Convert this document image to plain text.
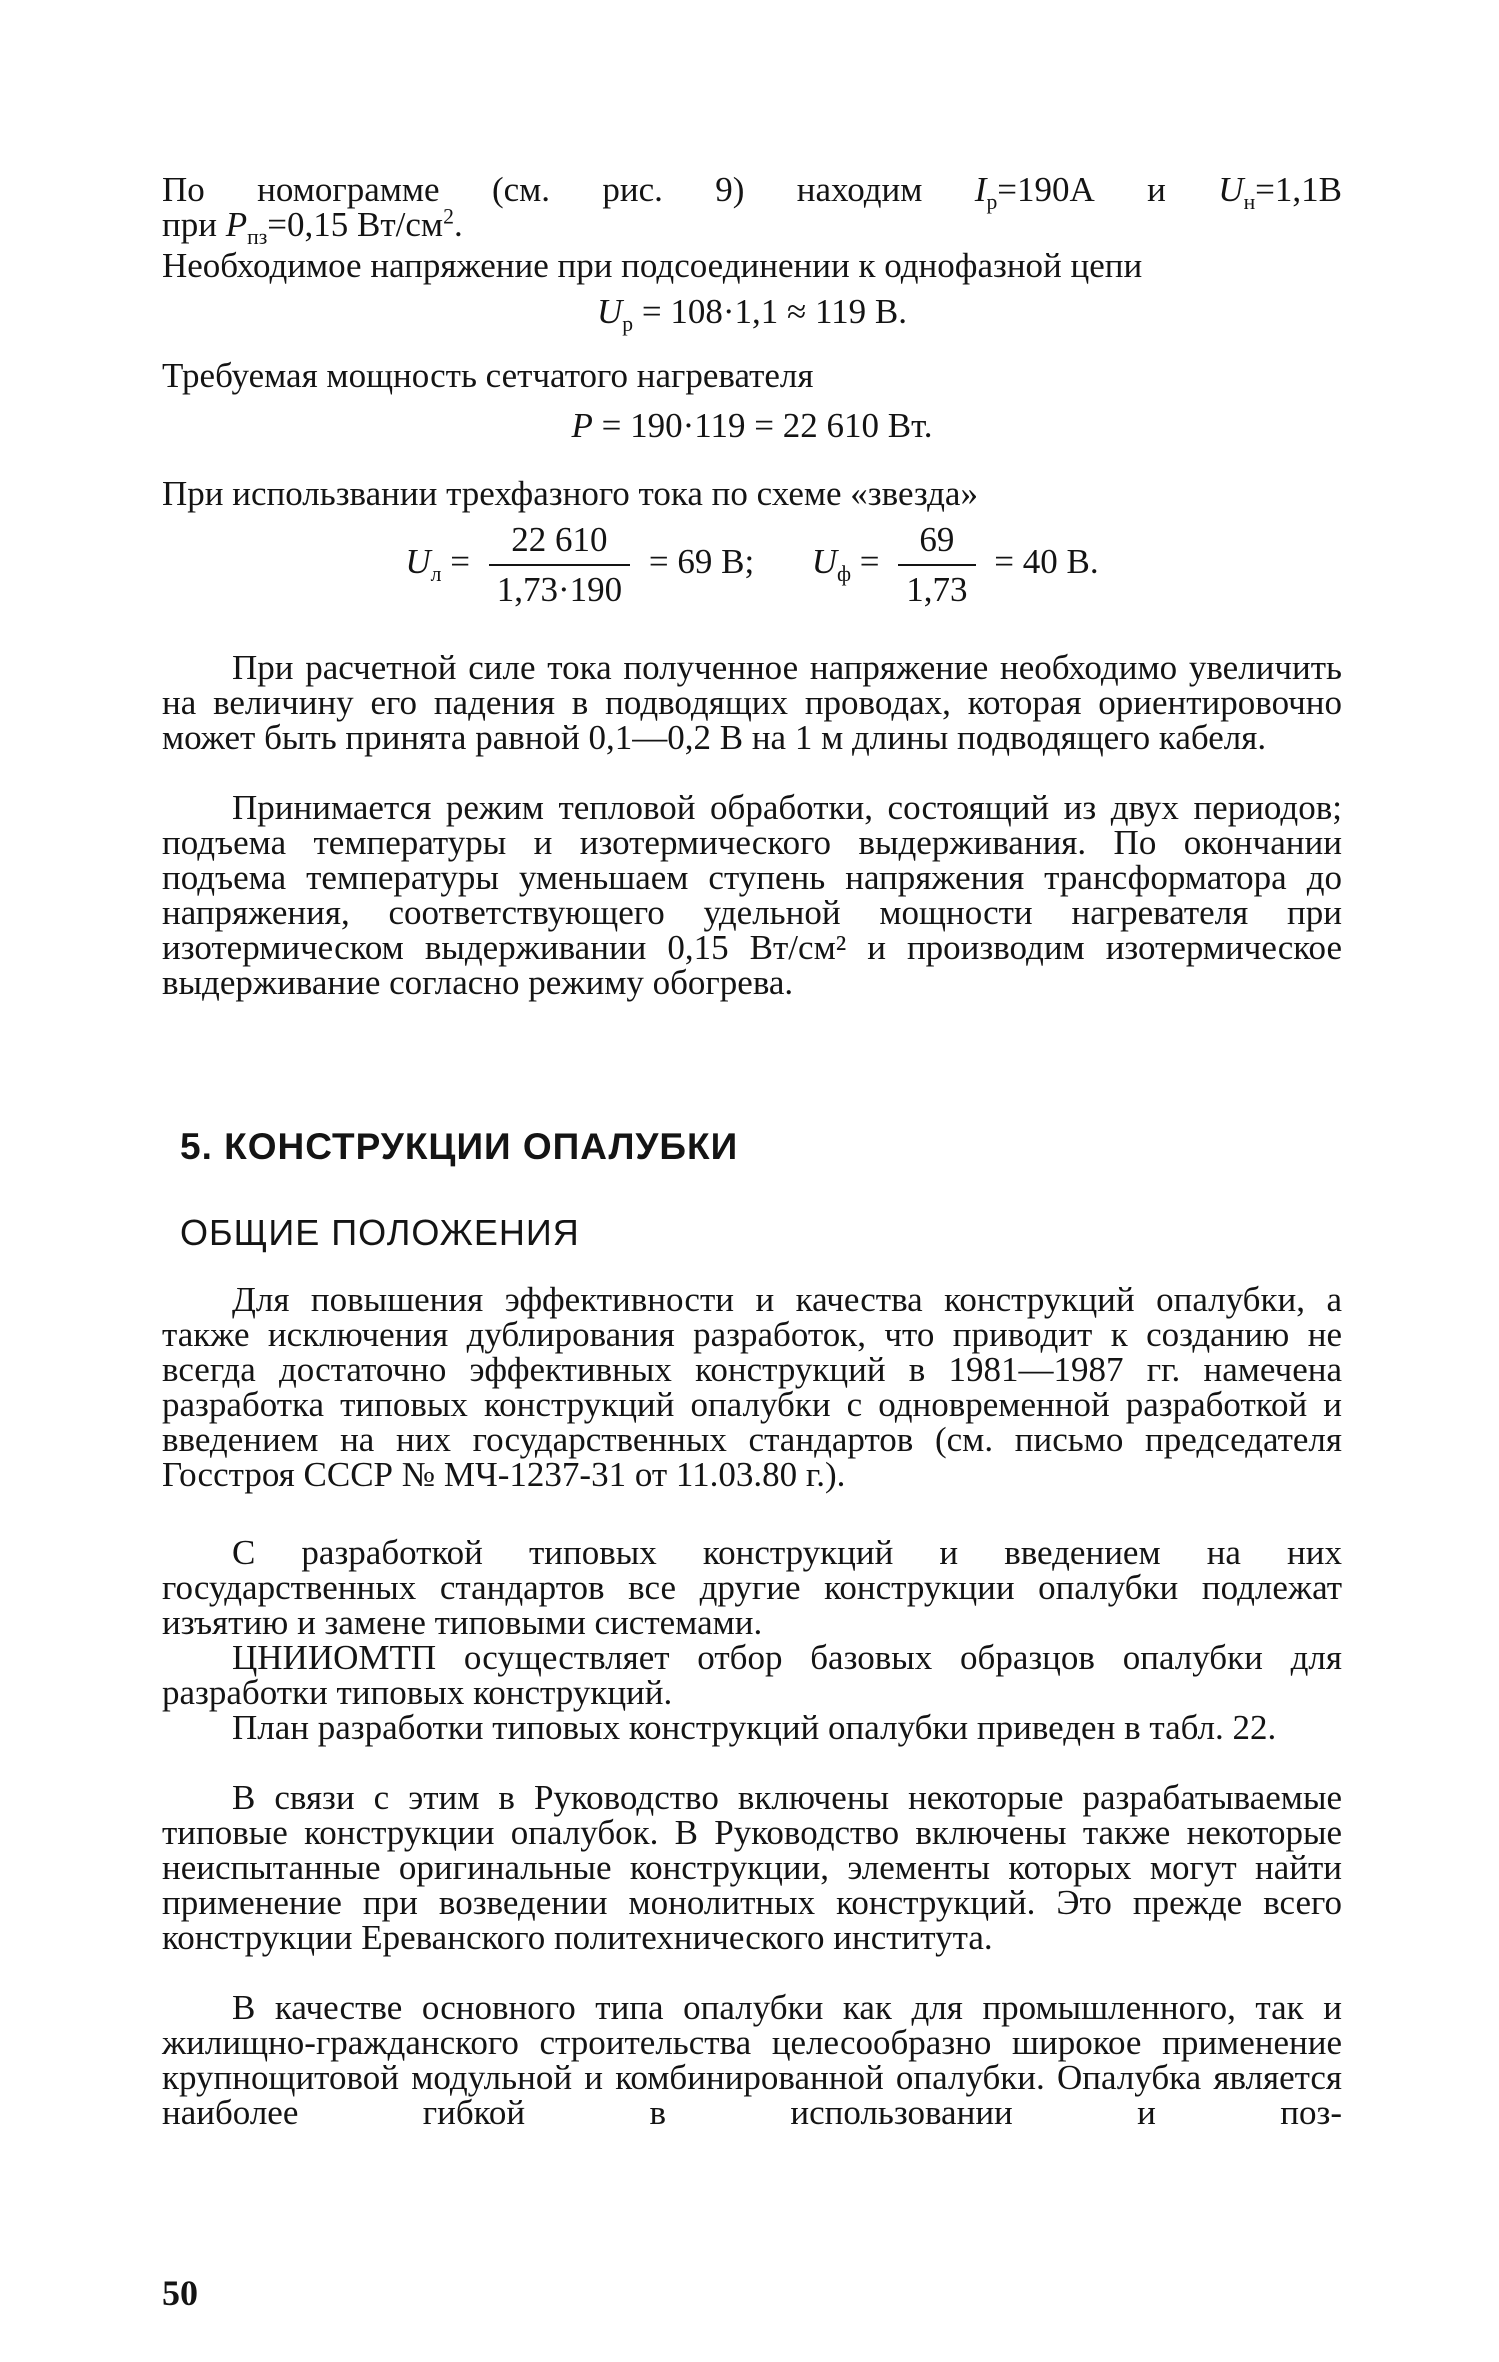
По номограмме (см. рис. 9) находим $I_р=190А$ и $U_н=1,1В$
при $P_{пз}=0,15$ $Вт/см^2$.
Необходимое напряжение при подсоединении к однофазной цепи
$U_р = 108\cdot 1,1 \approx 119$ В.
Требуемая мощность сетчатого нагревателя
P = 190·119 = 22 610 Вт.
При использвании трехфазного тока по схеме «звезда»
$U_л = \frac{22 610}{1,73\cdot 190} = 69$ В; $U_ф = \frac{69}{1,73} = 40$ В.
При расчетной силе тока полученное напряжение необходимо увеличить на величину его падения в подводящих проводах, которая ориентировочно может быть принята равной 0,1—0,2 В на 1 м длины подводящего кабеля.
Принимается режим тепловой обработки, состоящий из двух периодов; подъема температуры и изотермического выдерживания. По окончании подъема температуры уменьшаем ступень напряжения трансформатора до напряжения, соответствующего удельной мощности нагревателя при изотермическом выдерживании 0,15 Вт/см² и производим изотермическое выдерживание согласно режиму обогрева.
5. КОНСТРУКЦИИ ОПАЛУБКИ
ОБЩИЕ ПОЛОЖЕНИЯ
Для повышения эффективности и качества конструкций опалубки, а также исключения дублирования разработок, что приводит к созданию не всегда достаточно эффективных конструкций в 1981—1987 гг. намечена разработка типовых конструкций опалубки с одновременной разработкой и введением на них государственных стандартов (см. письмо председателя Госстроя СССР № МЧ-1237-31 от 11.03.80 г.).
С разработкой типовых конструкций и введением на них государственных стандартов все другие конструкции опалубки подлежат изъятию и замене типовыми системами.
ЦНИИОМТП осуществляет отбор базовых образцов опалубки для разработки типовых конструкций.
План разработки типовых конструкций опалубки приведен в табл. 22.
В связи с этим в Руководство включены некоторые разрабатываемые типовые конструкции опалубок. В Руководство включены также некоторые неиспытанные оригинальные конструкции, элементы которых могут найти применение при возведении монолитных конструкций. Это прежде всего конструкции Ереванского политехнического института.
В качестве основного типа опалубки как для промышленного, так и жилищно-гражданского строительства целесообразно широкое применение крупнощитовой модульной и комбинированной опалубки. Опалубка является наиболее гибкой в использовании и поз-
50
